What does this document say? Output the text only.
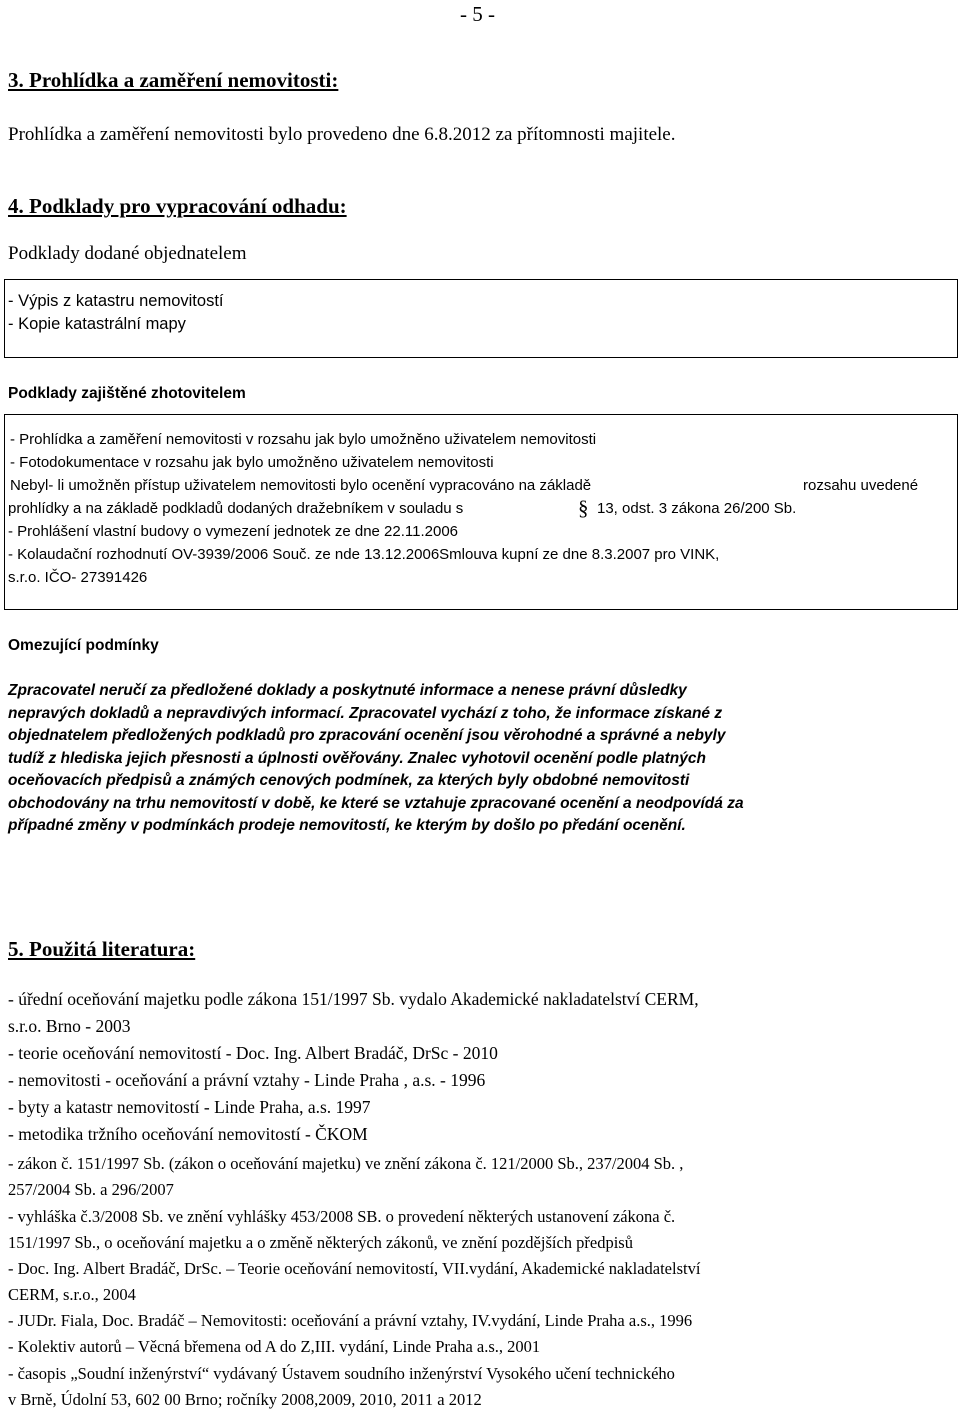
- 5 -
3. Prohlídka a zaměření nemovitosti:
Prohlídka a zaměření nemovitosti bylo provedeno dne 6.8.2012 za přítomnosti majitele.
4. Podklady pro vypracování odhadu:
Podklady dodané objednatelem
- Výpis z katastru nemovitostí
- Kopie katastrální mapy
Podklady zajištěné zhotovitelem
- Prohlídka a zaměření nemovitosti v rozsahu jak bylo umožněno uživatelem nemovitosti
- Fotodokumentace v rozsahu jak bylo umožněno uživatelem nemovitosti
Nebyl- li umožněn přístup uživatelem nemovitosti bylo ocenění vypracováno na základě	rozsahu uvedené
prohlídky a na základě podkladů dodaných dražebníkem v souladu s	§ 13, odst. 3 zákona 26/200 Sb.
- Prohlášení vlastní budovy o vymezení jednotek ze dne 22.11.2006
- Kolaudační rozhodnutí OV-3939/2006 Souč. ze nde 13.12.2006Smlouva kupní ze dne 8.3.2007 pro VINK,
s.r.o. IČO- 27391426
Omezující podmínky
Zpracovatel neručí za předložené doklady a poskytnuté informace a nenese právní důsledky
nepravých dokladů a nepravdivých informací. Zpracovatel vychází z toho, že informace získané z
objednatelem předložených podkladů pro zpracování ocenění jsou věrohodné a správné a nebyly
tudíž z hlediska jejich přesnosti a úplnosti ověřovány. Znalec vyhotovil ocenění podle platných
oceňovacích předpisů a známých cenových podmínek, za kterých byly obdobné nemovitosti
obchodovány na trhu nemovitostí v době, ke které se vztahuje zpracované ocenění a neodpovídá za
případné změny v podmínkách prodeje nemovitostí, ke kterým by došlo po předání ocenění.
5. Použitá literatura:
- úřední oceňování majetku podle zákona 151/1997 Sb. vydalo Akademické nakladatelství CERM,
s.r.o. Brno - 2003
- teorie oceňování nemovitostí - Doc. Ing. Albert Bradáč, DrSc - 2010
- nemovitosti - oceňování a právní vztahy - Linde Praha , a.s. - 1996
- byty a katastr nemovitostí - Linde Praha, a.s. 1997
- metodika tržního oceňování nemovitostí - ČKOM
- zákon č. 151/1997 Sb. (zákon o oceňování majetku) ve znění zákona č. 121/2000 Sb., 237/2004 Sb. ,
257/2004 Sb. a 296/2007
- vyhláška č.3/2008 Sb. ve znění vyhlášky 453/2008 SB. o provedení některých ustanovení zákona č.
151/1997 Sb., o oceňování majetku a o změně některých zákonů, ve znění pozdějších předpisů
- Doc. Ing. Albert Bradáč, DrSc. – Teorie oceňování nemovitostí, VII.vydání, Akademické nakladatelství
CERM, s.r.o., 2004
- JUDr. Fiala, Doc. Bradáč – Nemovitosti: oceňování a právní vztahy, IV.vydání, Linde Praha a.s., 1996
- Kolektiv autorů – Věcná břemena od A do Z,III. vydání, Linde Praha a.s., 2001
- časopis „Soudní inženýrství“ vydávaný Ústavem soudního inženýrství Vysokého učení technického
v Brně, Údolní 53, 602 00 Brno; ročníky 2008,2009, 2010, 2011 a 2012
